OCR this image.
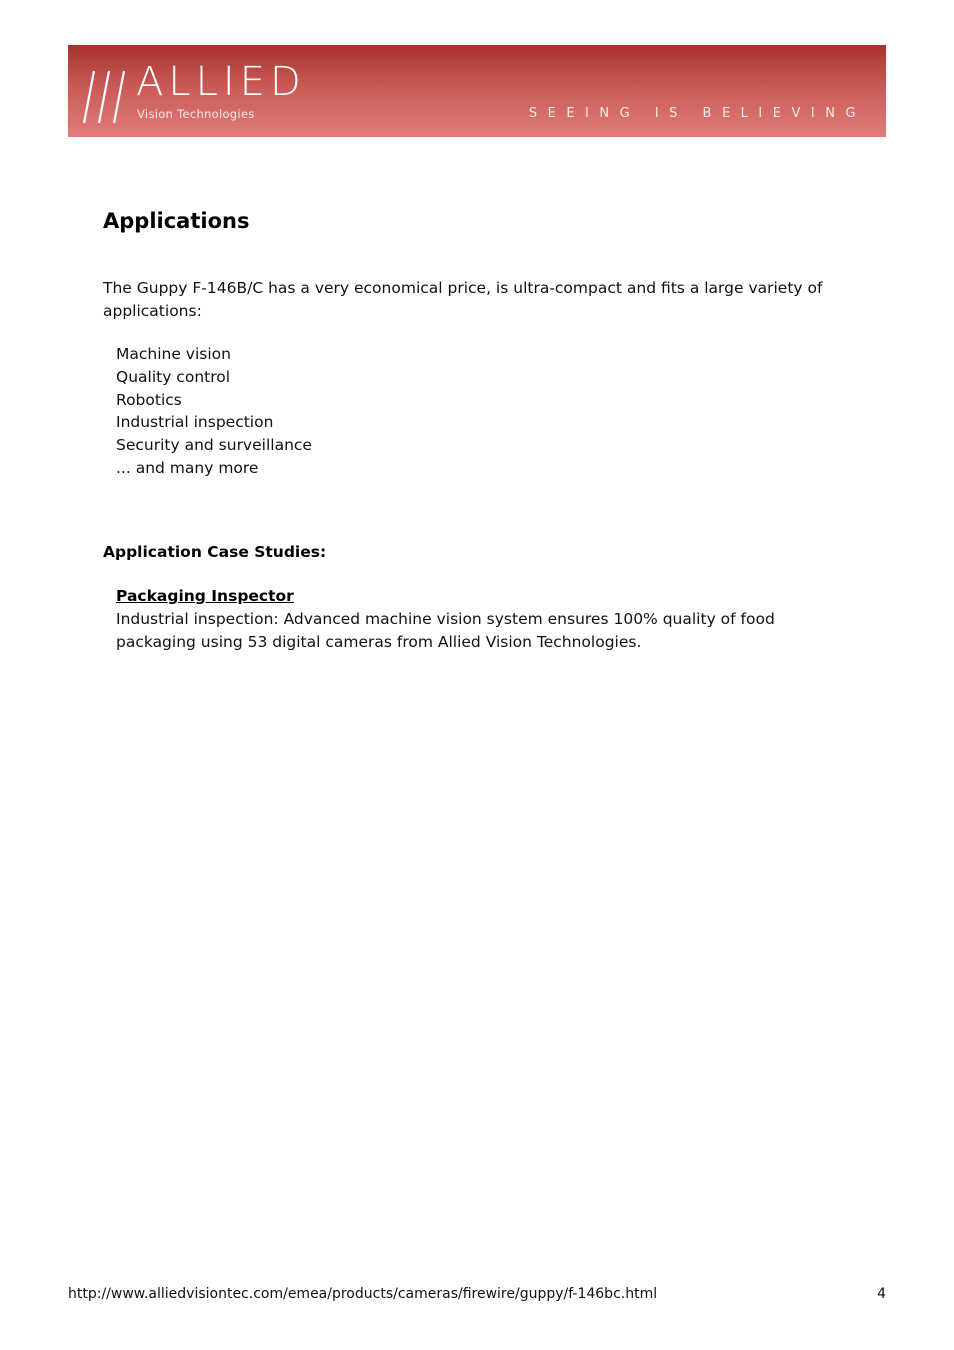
ALLIED
Vision Technologies	SEEING IS BELIEVING
Applications

The Guppy F-146B/C has a very economical price, is ultra-compact and fits a large variety of applications:

Machine vision
Quality control
Robotics
Industrial inspection
Security and surveillance
... and many more
Application Case Studies:
Packaging Inspector
Industrial inspection: Advanced machine vision system ensures 100% quality of food packaging using 53 digital cameras from Allied Vision Technologies.
http://www.alliedvisiontec.com/emea/products/cameras/firewire/guppy/f-146bc.html	4
